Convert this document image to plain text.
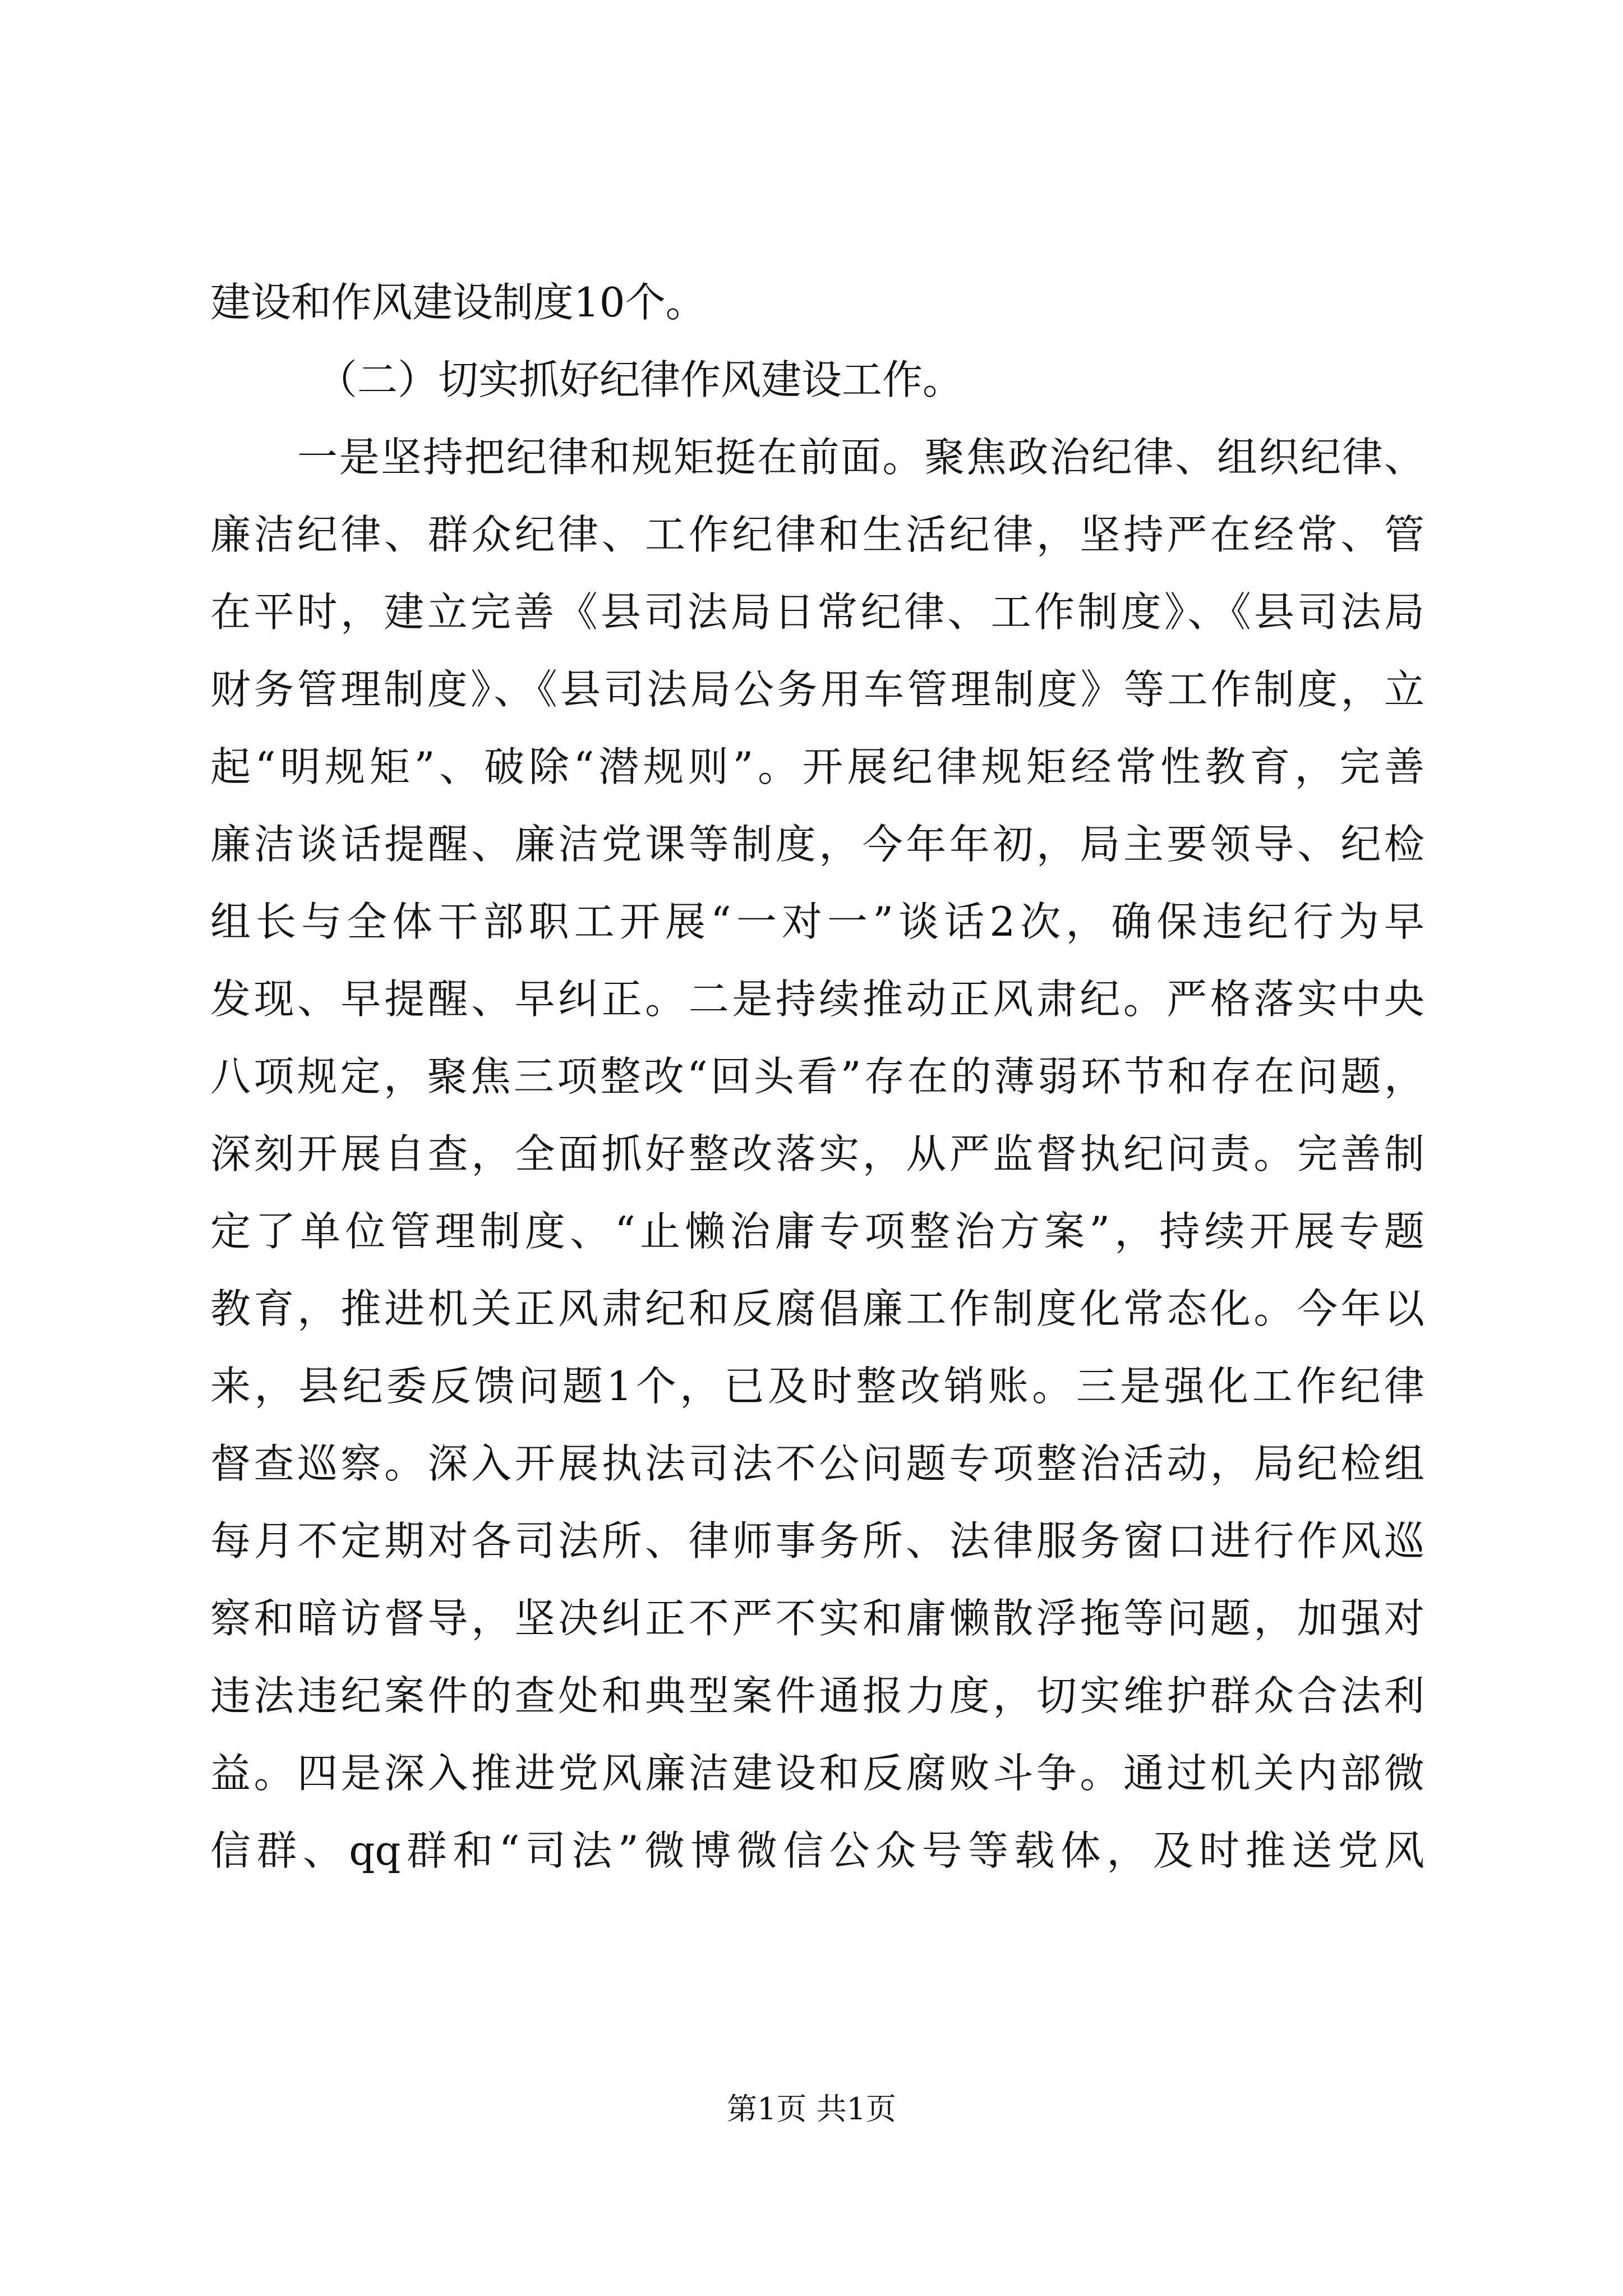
建设和作风建设制度10个。
（二）切实抓好纪律作风建设工作。
一是坚持把纪律和规矩挺在前面。聚焦政治纪律、组织纪律、
廉洁纪律、群众纪律、工作纪律和生活纪律，坚持严在经常、管
在平时，建立完善《县司法局日常纪律、工作制度》、《县司法局
财务管理制度》、《县司法局公务用车管理制度》等工作制度，立
起“明规矩”、破除“潜规则”。开展纪律规矩经常性教育，完善
廉洁谈话提醒、廉洁党课等制度，今年年初，局主要领导、纪检
组长与全体干部职工开展“一对一”谈话2次，确保违纪行为早
发现、早提醒、早纠正。二是持续推动正风肃纪。严格落实中央
八项规定，聚焦三项整改“回头看”存在的薄弱环节和存在问题，
深刻开展自查，全面抓好整改落实，从严监督执纪问责。完善制
定了单位管理制度、“止懒治庸专项整治方案”，持续开展专题
教育，推进机关正风肃纪和反腐倡廉工作制度化常态化。今年以
来，县纪委反馈问题1个，已及时整改销账。三是强化工作纪律
督查巡察。深入开展执法司法不公问题专项整治活动，局纪检组
每月不定期对各司法所、律师事务所、法律服务窗口进行作风巡
察和暗访督导，坚决纠正不严不实和庸懒散浮拖等问题，加强对
违法违纪案件的查处和典型案件通报力度，切实维护群众合法利
益。四是深入推进党风廉洁建设和反腐败斗争。通过机关内部微
信群、qq群和“司法”微博微信公众号等载体，及时推送党风
第1页 共1页
